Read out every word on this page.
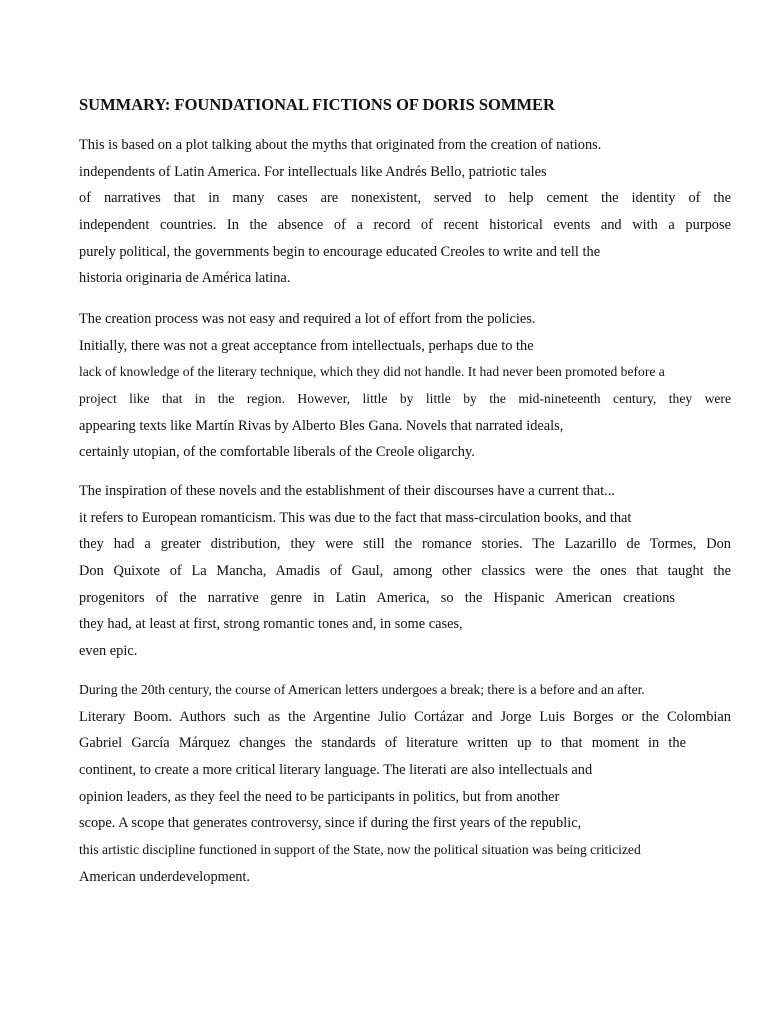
SUMMARY: FOUNDATIONAL FICTIONS OF DORIS SOMMER
This is based on a plot talking about the myths that originated from the creation of nations.
independents of Latin America. For intellectuals like Andrés Bello, patriotic tales
of narratives that in many cases are nonexistent, served to help cement the identity of the
independent countries. In the absence of a record of recent historical events and with a purpose
purely political, the governments begin to encourage educated Creoles to write and tell the
historia originaria de América latina.
The creation process was not easy and required a lot of effort from the policies.
Initially, there was not a great acceptance from intellectuals, perhaps due to the
lack of knowledge of the literary technique, which they did not handle. It had never been promoted before a
project like that in the region. However, little by little by the mid-nineteenth century, they were
appearing texts like Martín Rivas by Alberto Bles Gana. Novels that narrated ideals,
certainly utopian, of the comfortable liberals of the Creole oligarchy.
The inspiration of these novels and the establishment of their discourses have a current that...
it refers to European romanticism. This was due to the fact that mass-circulation books, and that
they had a greater distribution, they were still the romance stories. The Lazarillo de Tormes, Don
Don Quixote of La Mancha, Amadis of Gaul, among other classics were the ones that taught the
progenitors of the narrative genre in Latin America, so the Hispanic American creations
they had, at least at first, strong romantic tones and, in some cases,
even epic.
During the 20th century, the course of American letters undergoes a break; there is a before and an after.
Literary Boom. Authors such as the Argentine Julio Cortázar and Jorge Luis Borges or the Colombian
Gabriel García Márquez changes the standards of literature written up to that moment in the
continent, to create a more critical literary language. The literati are also intellectuals and
opinion leaders, as they feel the need to be participants in politics, but from another
scope. A scope that generates controversy, since if during the first years of the republic,
this artistic discipline functioned in support of the State, now the political situation was being criticized
American underdevelopment.
